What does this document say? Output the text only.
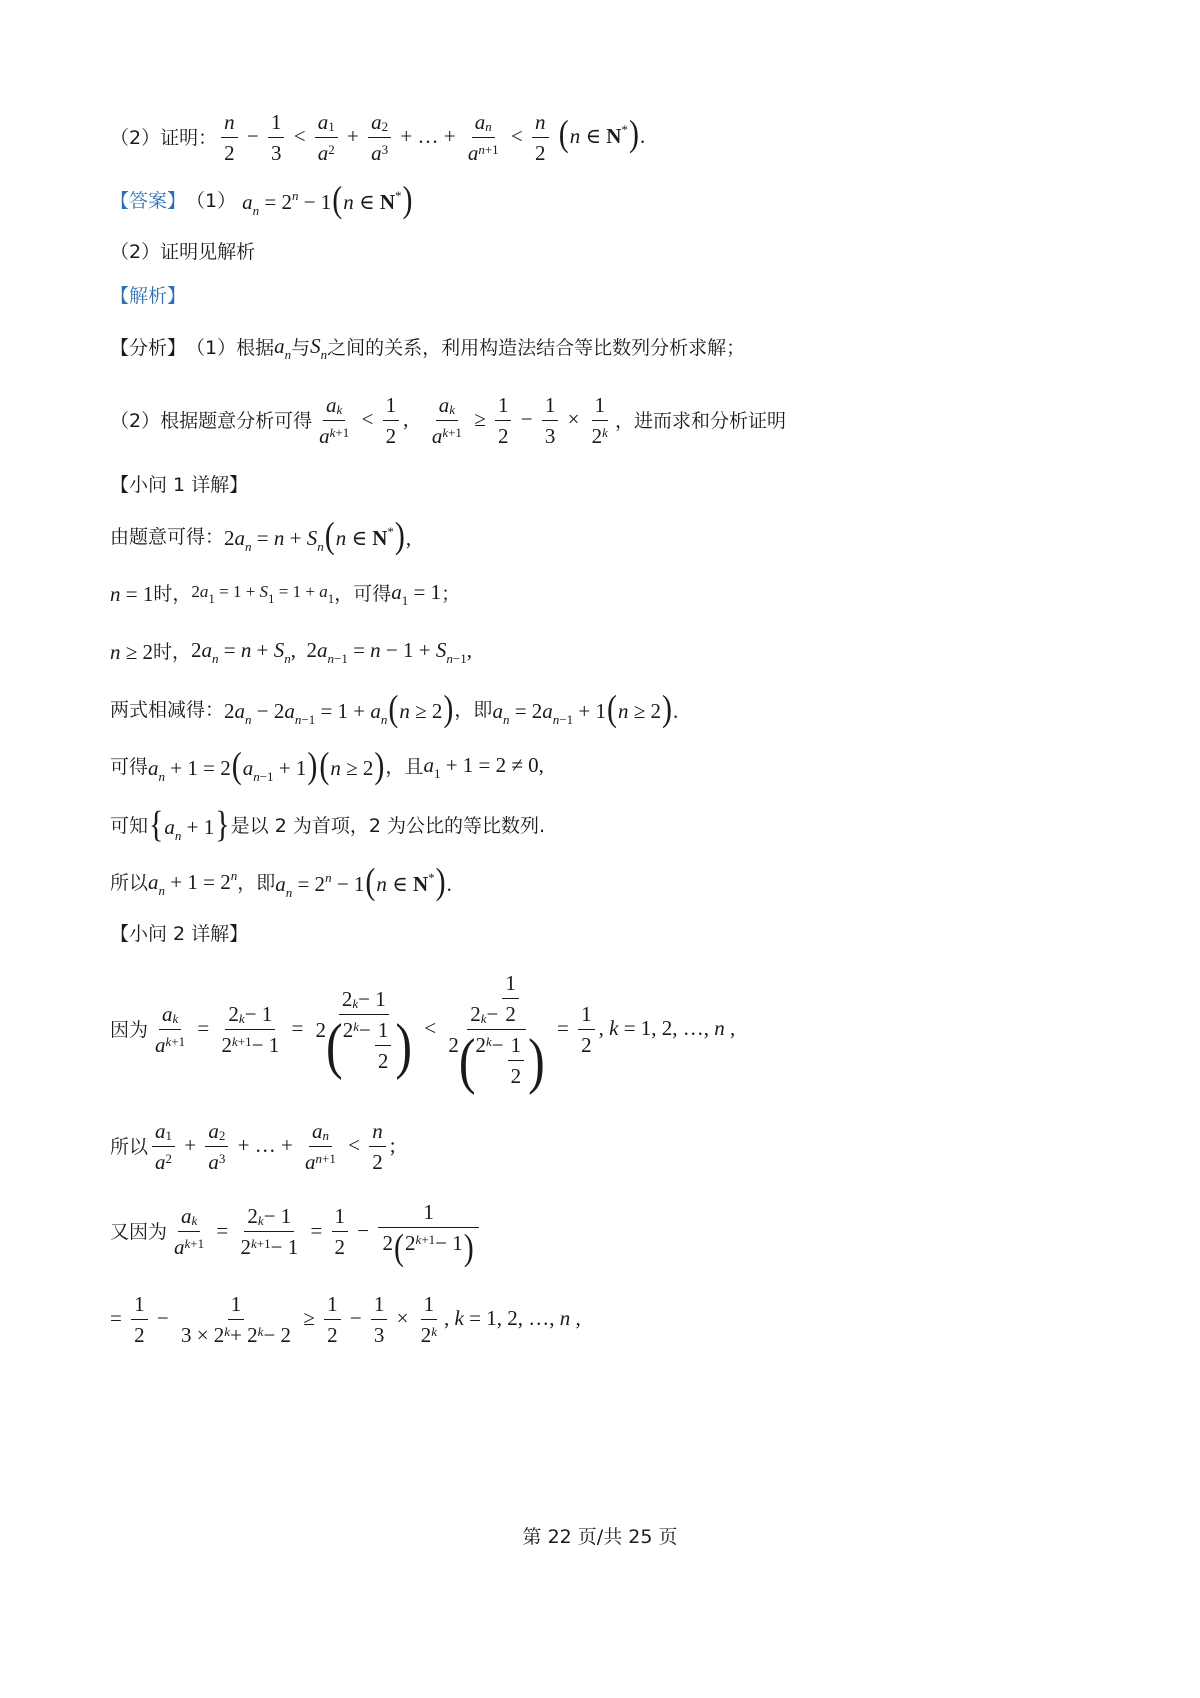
（2）证明： $\frac{n}{2} - \frac{1}{3} < \frac{a 1}{a 2} + \frac{a 2}{a 3}$ + … + $\frac{\text{a n}}{\text{a n+1}} < \frac{n}{2} (n$ ∈ N*).
【答案】 （1） $a_n = 2^n - 1(n$ ∈ N*)
（2）证明见解析
【解析】
【分析】 （1）根据 $a_n$ 与 $S_n$ 之间的关系，利用构造法结合等比数列分析求解；
（2）根据题意分析可得 $\frac{\text{a k}}{\text{a k+1}} < \frac{1}{2}$ , $\frac{\text{a k}}{\text{a k+1}} \ge \frac{1}{2} - \frac{1}{3} \times \frac{1}{2 k}$ ，进而求和分析证明
【小问 1 详解】
由题意可得： $2a_n = n + S_n(n$ ∈ N*),
n = 1 时， $2a_1 = 1 + S_1 = 1 + a_1$ ，可得 $a_1 = 1$ ；
n ≥ 2 时， $2a_n = n + S_n$,  $2a_{n-1} = n - 1 + S_{n-1}$,
两式相减得： $2a_n - 2a_{n-1} = 1 + a_n(n \ge 2)$ ，即 $a_n = 2a_{n-1} + 1(n \ge 2)$.
可得 $a_n + 1 = 2(a_{n-1} + 1)(n \ge 2)$ ，且 $a_1 + 1 = 2 \ne 0$,
可知 $\{a_n + 1\}$ 是以 2 为首项，2 为公比的等比数列.
所以 $a_n + 1 = 2^n$ ，即 $a_n = 2^n - 1(n$ ∈ N*).
【小问 2 详解】
因为 $\frac{\text{a k}}{\text{a k+1}} = \frac{2 k - 1}{2 k+1 - 1} = \frac{2 k - 1}{2 ( 2 ^k - \frac{1}{2} )} < \frac{2 k - \frac{1}{2}}{2 ( 2 ^k - \frac{1}{2} )} = \frac{1}{2}$ , k = 1, 2, …, n ,
所以 $\frac{a 1}{a 2} + \frac{a 2}{a 3}$ + … + $\frac{\text{a n}}{\text{a n+1}} < \frac{n}{2}$ ;
又因为 $\frac{\text{a k}}{\text{a k+1}} = \frac{2 k - 1}{2 k+1 - 1} = \frac{1}{2} - \frac{1}{2 ( 2 ^{k+1} - 1 )}$
= $\frac{1}{2} - \frac{1}{3 \times 2 k + 2 k - 2} \ge \frac{1}{2} - \frac{1}{3} \times \frac{1}{2 k}$ , k = 1, 2, …, n ,
第 22 页/共 25 页
